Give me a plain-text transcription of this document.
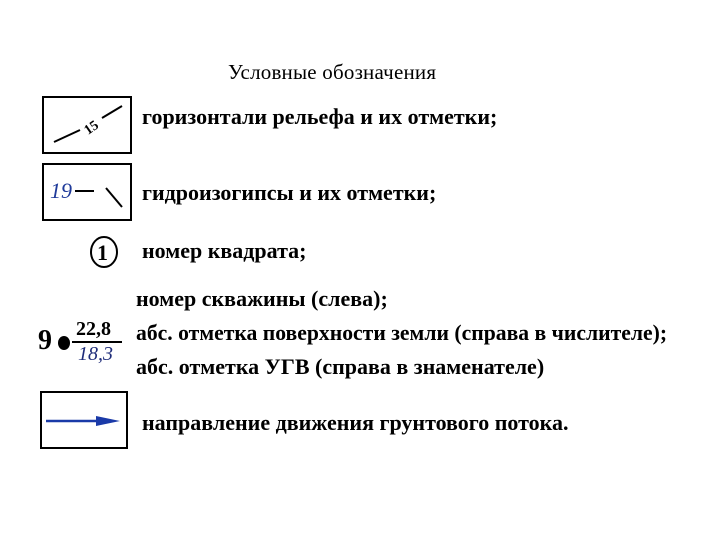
Условные обозначения
15 горизонтали рельефа и их отметки;
19	гидроизогипсы и их отметки;
1 номер квадрата;
9 22,8
18,3
номер скважины (слева);
абс. отметка поверхности земли (справа в числителе);
абс. отметка УГВ (справа в знаменателе)
направление движения грунтового потока.
